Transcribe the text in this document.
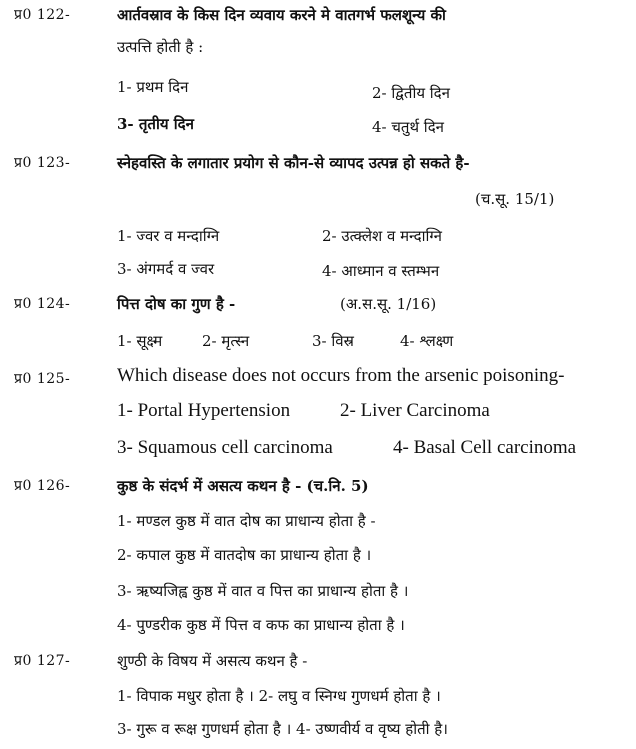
प्र0 122-	आर्तवस्राव के किस दिन व्यवाय करने मे वातगर्भ फलशून्य की
उत्पत्ति होती है :
1- प्रथम दिन	2- द्वितीय दिन
3- तृतीय दिन	4- चतुर्थ दिन
प्र0 123-	स्नेहवस्ति के लगातार प्रयोग से कौन-से व्यापद उत्पन्न हो सकते है-
(च.सू. 15/1)
1- ज्वर व मन्दाग्नि	2- उत्क्लेश व मन्दाग्नि
3- अंगमर्द व ज्वर	4- आध्मान व स्तम्भन
प्र0 124-	पित्त दोष का गुण है -	(अ.स.सू. 1/16)
1- सूक्ष्म	2- मृत्स्न	3- विस्र	4- श्लक्ष्ण
प्र0 125- Which disease does not occurs from the arsenic poisoning-
1- Portal Hypertension	2- Liver Carcinoma
3- Squamous cell carcinoma	4- Basal Cell carcinoma
प्र0 126-	कुष्ठ के संदर्भ में असत्य कथन है - (च.नि. 5)
1- मण्डल कुष्ठ में वात दोष का प्राधान्य होता है -
2- कपाल कुष्ठ में वातदोष का प्राधान्य होता है ।
3- ऋष्यजिह्व कुष्ठ में वात व पित्त का प्राधान्य होता है ।
4- पुण्डरीक कुष्ठ में पित्त व कफ का प्राधान्य होता है ।
प्र0 127-	शुण्ठी के विषय में असत्य कथन है -
1- विपाक मधुर होता है । 2- लघु व स्निग्ध गुणधर्म होता है ।
3- गुरू व रूक्ष गुणधर्म होता है । 4- उष्णवीर्य व वृष्य होती है।
